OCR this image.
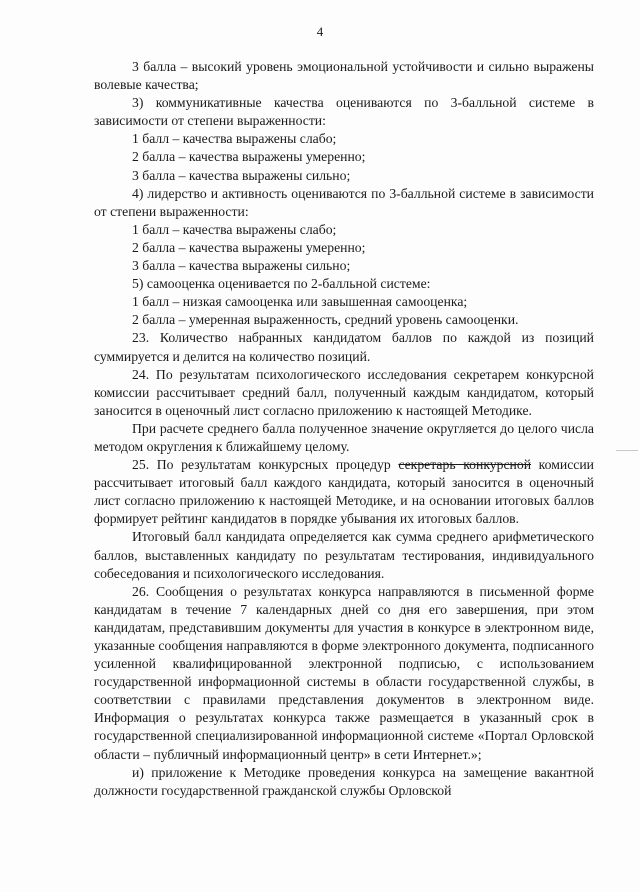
4

3 балла – высокий уровень эмоциональной устойчивости и сильно выражены волевые качества;

3) коммуникативные качества оцениваются по 3-балльной системе в зависимости от степени выраженности:

1 балл – качества выражены слабо;

2 балла – качества выражены умеренно;

3 балла – качества выражены сильно;

4) лидерство и активность оцениваются по 3-балльной системе в зависимости от степени выраженности:

1 балл – качества выражены слабо;

2 балла – качества выражены умеренно;

3 балла – качества выражены сильно;

5) самооценка оценивается по 2-балльной системе:

1 балл – низкая самооценка или завышенная самооценка;

2 балла – умеренная выраженность, средний уровень самооценки.

23. Количество набранных кандидатом баллов по каждой из позиций суммируется и делится на количество позиций.

24. По результатам психологического исследования секретарем конкурсной комиссии рассчитывает средний балл, полученный каждым кандидатом, который заносится в оценочный лист согласно приложению к настоящей Методике.

При расчете среднего балла полученное значение округляется до целого числа методом округления к ближайшему целому.

25. По результатам конкурсных процедур секретарь конкурсной комиссии рассчитывает итоговый балл каждого кандидата, который заносится в оценочный лист согласно приложению к настоящей Методике, и на основании итоговых баллов формирует рейтинг кандидатов в порядке убывания их итоговых баллов.

Итоговый балл кандидата определяется как сумма среднего арифметического баллов, выставленных кандидату по результатам тестирования, индивидуального собеседования и психологического исследования.

26. Сообщения о результатах конкурса направляются в письменной форме кандидатам в течение 7 календарных дней со дня его завершения, при этом кандидатам, представившим документы для участия в конкурсе в электронном виде, указанные сообщения направляются в форме электронного документа, подписанного усиленной квалифицированной электронной подписью, с использованием государственной информационной системы в области государственной службы, в соответствии с правилами представления документов в электронном виде. Информация о результатах конкурса также размещается в указанный срок в государственной специализированной информационной системе «Портал Орловской области – публичный информационный центр» в сети Интернет.»;

и) приложение к Методике проведения конкурса на замещение вакантной должности государственной гражданской службы Орловской
